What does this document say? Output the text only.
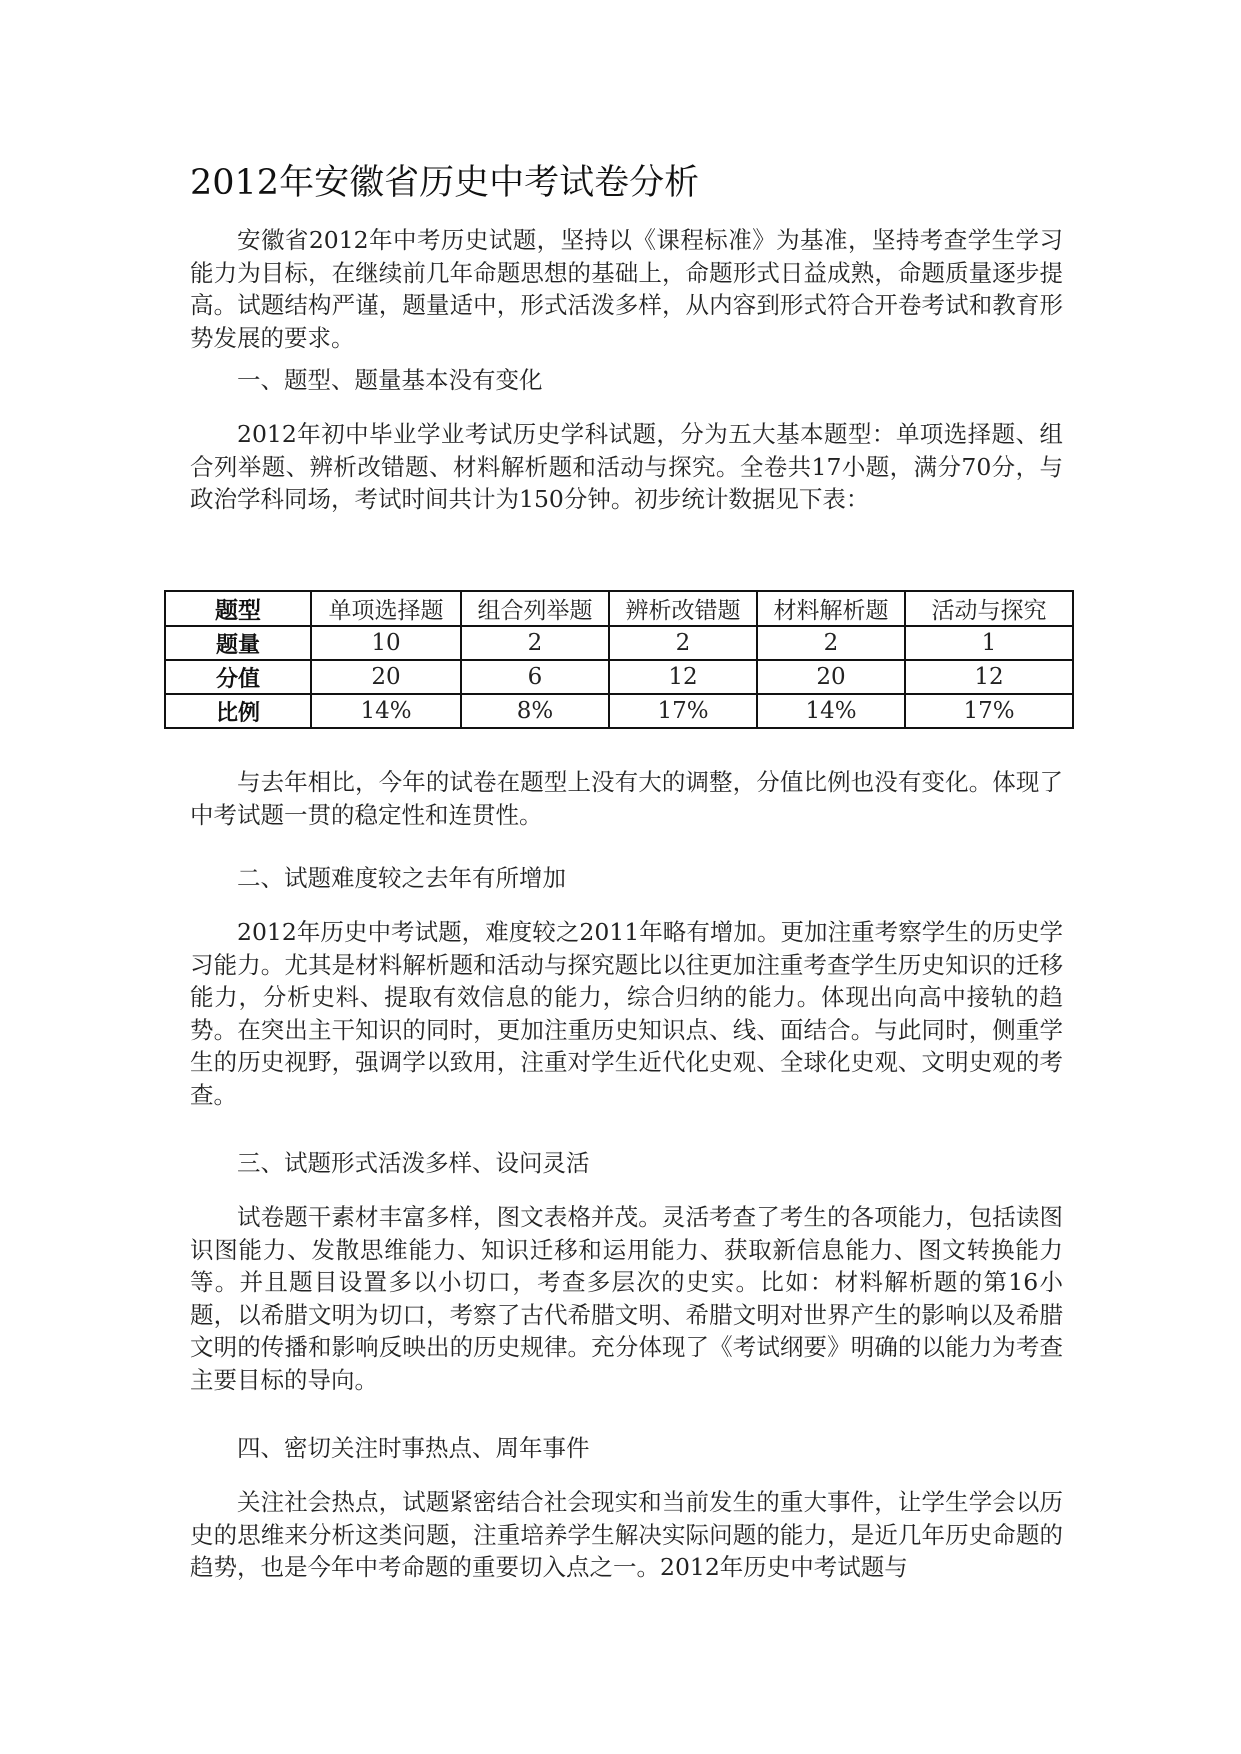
2012年安徽省历史中考试卷分析

安徽省2012年中考历史试题，坚持以《课程标准》为基准，坚持考查学生学习能力为目标，在继续前几年命题思想的基础上，命题形式日益成熟，命题质量逐步提高。试题结构严谨，题量适中，形式活泼多样，从内容到形式符合开卷考试和教育形势发展的要求。

一、题型、题量基本没有变化

2012年初中毕业学业考试历史学科试题，分为五大基本题型：单项选择题、组合列举题、辨析改错题、材料解析题和活动与探究。全卷共17小题，满分70分，与政治学科同场，考试时间共计为150分钟。初步统计数据见下表：

题型	单项选择题	组合列举题	辨析改错题	材料解析题	活动与探究
题量	10	2	2	2	1
分值	20	6	12	20	12
比例	14%	8%	17%	14%	17%

与去年相比，今年的试卷在题型上没有大的调整，分值比例也没有变化。体现了中考试题一贯的稳定性和连贯性。

二、试题难度较之去年有所增加

2012年历史中考试题，难度较之2011年略有增加。更加注重考察学生的历史学习能力。尤其是材料解析题和活动与探究题比以往更加注重考查学生历史知识的迁移能力，分析史料、提取有效信息的能力，综合归纳的能力。体现出向高中接轨的趋势。在突出主干知识的同时，更加注重历史知识点、线、面结合。与此同时，侧重学生的历史视野，强调学以致用，注重对学生近代化史观、全球化史观、文明史观的考查。

三、试题形式活泼多样、设问灵活

试卷题干素材丰富多样，图文表格并茂。灵活考查了考生的各项能力，包括读图识图能力、发散思维能力、知识迁移和运用能力、获取新信息能力、图文转换能力等。并且题目设置多以小切口，考查多层次的史实。比如：材料解析题的第16小题，以希腊文明为切口，考察了古代希腊文明、希腊文明对世界产生的影响以及希腊文明的传播和影响反映出的历史规律。充分体现了《考试纲要》明确的以能力为考查主要目标的导向。

四、密切关注时事热点、周年事件

关注社会热点，试题紧密结合社会现实和当前发生的重大事件，让学生学会以历史的思维来分析这类问题，注重培养学生解决实际问题的能力，是近几年历史命题的趋势，也是今年中考命题的重要切入点之一。2012年历史中考试题与
